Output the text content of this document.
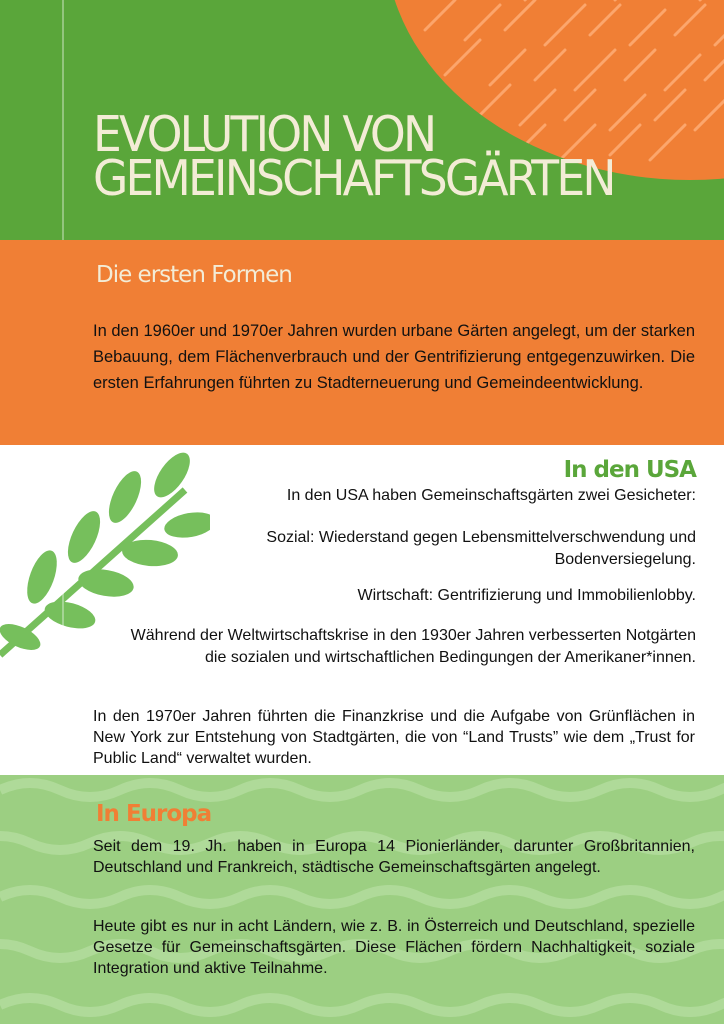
EVOLUTION VON
GEMEINSCHAFTSGÄRTEN
Die ersten Formen

In den 1960er und 1970er Jahren wurden urbane Gärten angelegt, um der starken Bebauung, dem Flächenverbrauch und der Gentrifizierung entgegenzuwirken. Die ersten Erfahrungen führten zu Stadterneuerung und Gemeindeentwicklung.

In den USA

In den USA haben Gemeinschaftsgärten zwei Gesicheter:

Sozial: Wiederstand gegen Lebensmittelverschwendung und Bodenversiegelung.

Wirtschaft: Gentrifizierung und Immobilienlobby.

Während der Weltwirtschaftskrise in den 1930er Jahren verbesserten Notgärten die sozialen und wirtschaftlichen Bedingungen der Amerikaner*innen.

In den 1970er Jahren führten die Finanzkrise und die Aufgabe von Grünflächen in New York zur Entstehung von Stadtgärten, die von “Land Trusts” wie dem „Trust for Public Land“ verwaltet wurden.

In Europa

Seit dem 19. Jh. haben in Europa 14 Pionierländer, darunter Großbritannien, Deutschland und Frankreich, städtische Gemeinschaftsgärten angelegt.

Heute gibt es nur in acht Ländern, wie z. B. in Österreich und Deutschland, spezielle Gesetze für Gemeinschaftsgärten. Diese Flächen fördern Nachhaltigkeit, soziale Integration und aktive Teilnahme.
